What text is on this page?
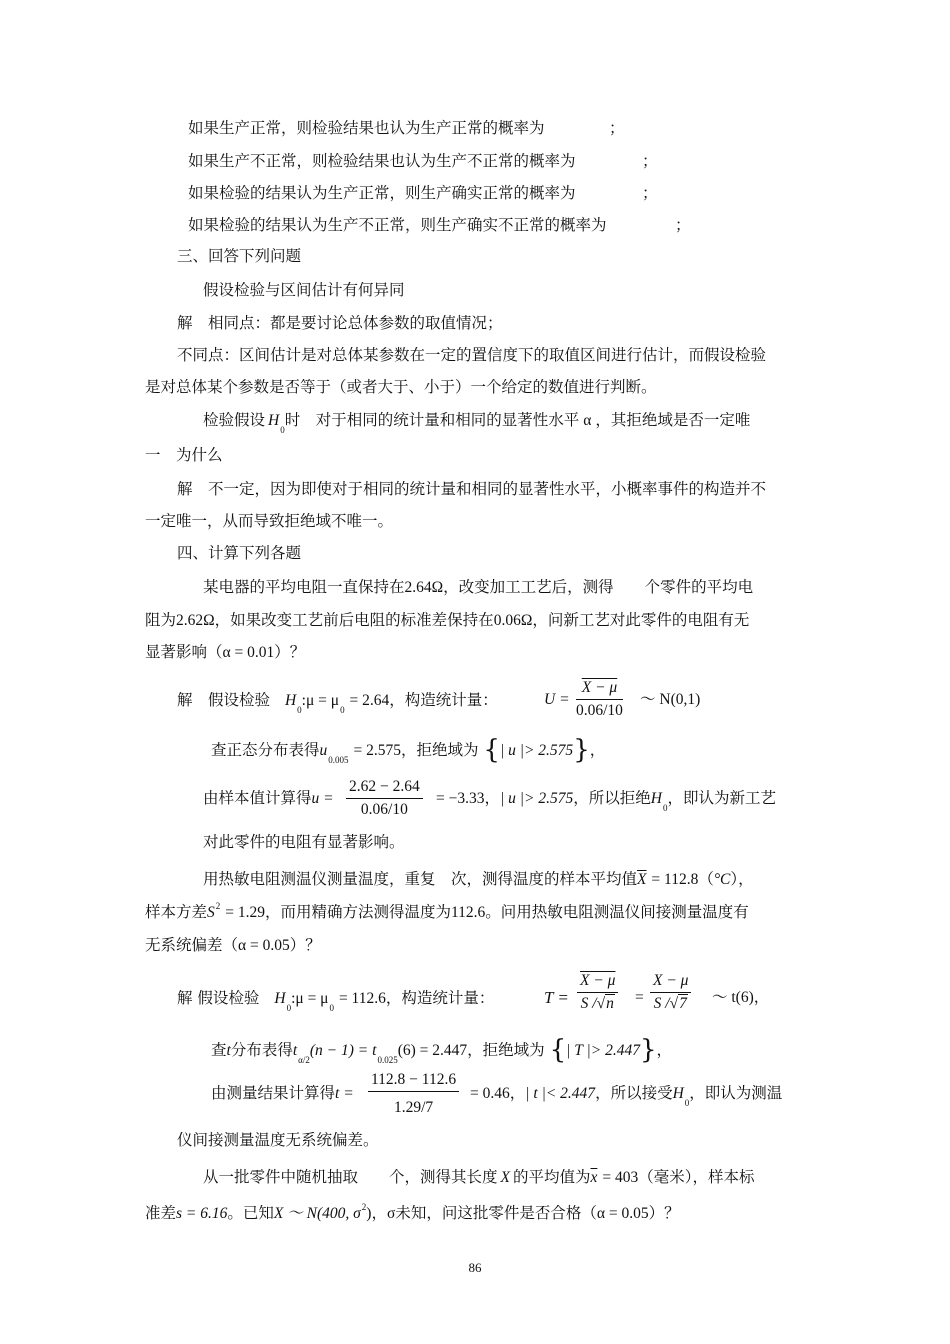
如果生产正常，则检验结果也认为生产正常的概率为	；
如果生产不正常，则检验结果也认为生产不正常的概率为	；
如果检验的结果认为生产正常，则生产确实正常的概率为	；
如果检验的结果认为生产不正常，则生产确实不正常的概率为	；
三、回答下列问题
假设检验与区间估计有何异同
解　相同点：都是要讨论总体参数的取值情况；
不同点：区间估计是对总体某参数在一定的置信度下的取值区间进行估计，而假设检验
是对总体某个参数是否等于（或者大于、小于）一个给定的数值进行判断。
检验假设 $H_0$时　对于相同的统计量和相同的显著性水平 α ，其拒绝域是否一定唯
一　为什么
解　不一定，因为即使对于相同的统计量和相同的显著性水平，小概率事件的构造并不
一定唯一，从而导致拒绝域不唯一。
四、计算下列各题
某电器的平均电阻一直保持在2.64Ω，改变加工工艺后，测得　　个零件的平均电
阻为2.62Ω，如果改变工艺前后电阻的标准差保持在0.06Ω，问新工艺对此零件的电阻有无
显著影响（α = 0.01）？
解　假设检验 $H_0:\mu = \mu_0 = 2.64$，构造统计量：	$U = \frac{X - \mu}{0.06/10}$ ～ N(0,1)
查正态分布表得$u_{0.005} = 2.575$，拒绝域为 {| u |> 2.575}，
由样本值计算得$u = \frac{2.62 - 2.64}{0.06/10} = -3.33$，| u |> 2.575，所以拒绝$H_0$，即认为新工艺
对此零件的电阻有显著影响。
用热敏电阻测温仪测量温度，重复　次，测得温度的样本平均值$\overline{X} = 112.8(^\circ C)$，
样本方差$S^2 = 1.29$，而用精确方法测得温度为112.6。问用热敏电阻测温仪间接测量温度有
无系统偏差（α = 0.05）？
解 假设检验 $H_0:\mu = \mu_0 = 112.6$，构造统计量：	$T = \frac{X - \mu}{S /√n} = \frac{X - \mu}{S /√7}$ ～ t(6)，
查t分布表得$t_{\alpha/2}(n - 1) = t_{0.025}(6) = 2.447$，拒绝域为 {| T |> 2.447}，
由测量结果计算得$t = \frac{112.8 - 112.6}{1.29/7} = 0.46$，| t |< 2.447，所以接受$H_0$，即认为测温
仪间接测量温度无系统偏差。
从一批零件中随机抽取　　个，测得其长度 X 的平均值为$\overline{x} = 403$（毫米），样本标
准差s = 6.16。已知X ～ N(400, $\sigma^2$)，σ未知，问这批零件是否合格（α = 0.05）？
86
